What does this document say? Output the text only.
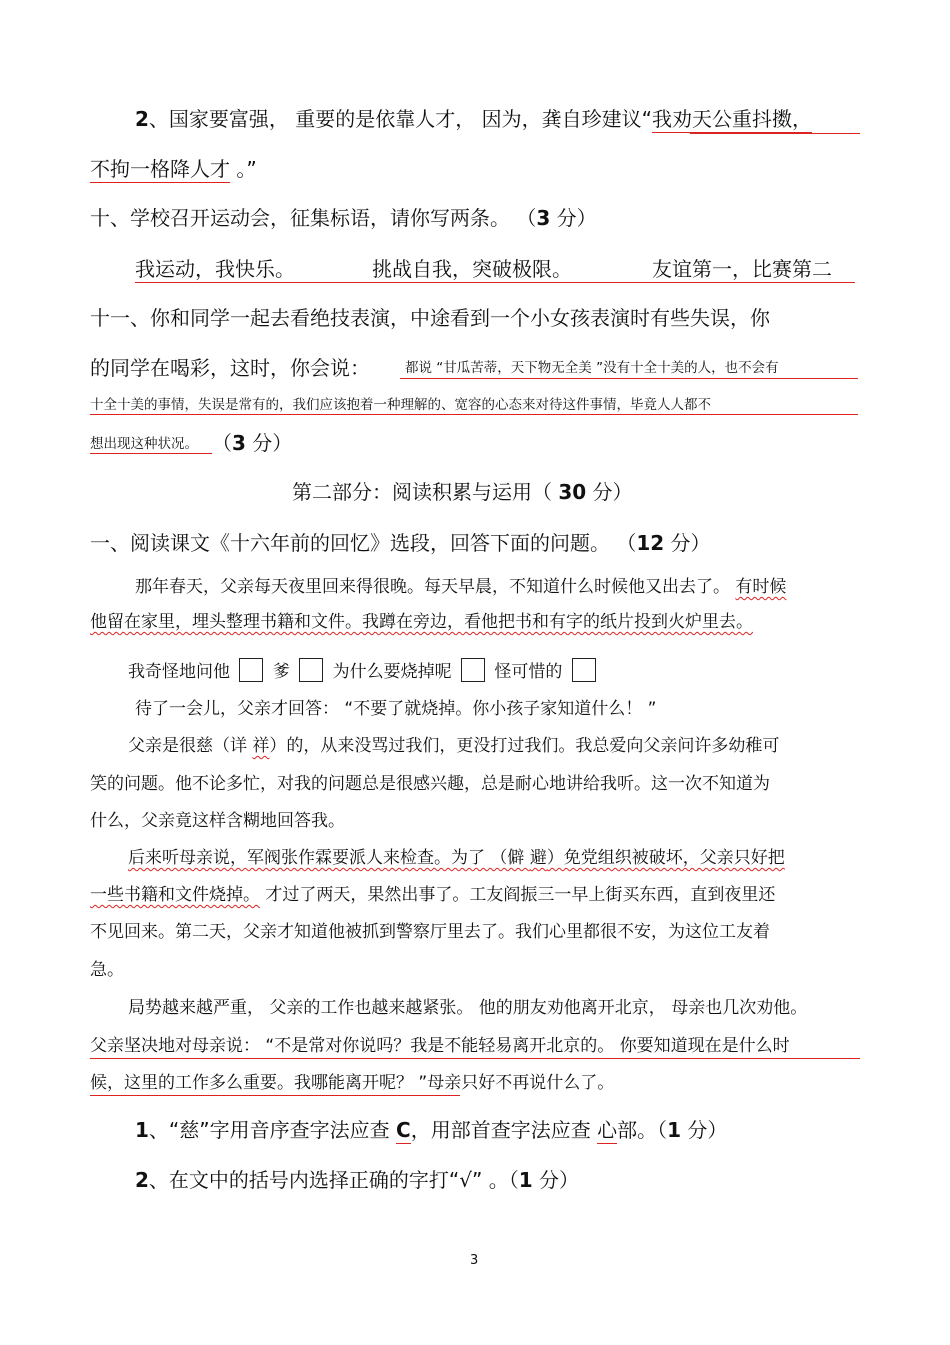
2、国家要富强， 重要的是依靠人才， 因为，龚自珍建议“我劝天公重抖擞，
不拘一格降人才 。”
十、学校召开运动会，征集标语，请你写两条。 （3 分）
我运动，我快乐。	挑战自我，突破极限。	友谊第一，比赛第二
十一、你和同学一起去看绝技表演，中途看到一个小女孩表演时有些失误，你
的同学在喝彩，这时，你会说：	都说 “甘瓜苦蒂，天下物无全美 ”没有十全十美的人，也不会有
十全十美的事情，失误是常有的，我们应该抱着一种理解的、宽容的心态来对待这件事情，毕竟人人都不
想出现这种状况。 （3 分）
第二部分：阅读积累与运用（ 30 分）
一、阅读课文《十六年前的回忆》选段，回答下面的问题。 （12 分）
那年春天，父亲每天夜里回来得很晚。每天早晨，不知道什么时候他又出去了。 有时候
他留在家里，埋头整理书籍和文件。我蹲在旁边，看他把书和有字的纸片投到火炉里去。
我奇怪地问他	爹	为什么要烧掉呢	怪可惜的
待了一会儿，父亲才回答： “不要了就烧掉。你小孩子家知道什么！ ”
父亲是很慈（详 祥）的，从来没骂过我们，更没打过我们。我总爱向父亲问许多幼稚可
笑的问题。他不论多忙，对我的问题总是很感兴趣，总是耐心地讲给我听。这一次不知道为
什么，父亲竟这样含糊地回答我。
后来听母亲说，军阀张作霖要派人来检查。为了 （僻 避）免党组织被破坏，父亲只好把
一些书籍和文件烧掉。 才过了两天，果然出事了。工友阎振三一早上街买东西，直到夜里还
不见回来。第二天，父亲才知道他被抓到警察厅里去了。我们心里都很不安，为这位工友着
急。
局势越来越严重， 父亲的工作也越来越紧张。 他的朋友劝他离开北京， 母亲也几次劝他。
父亲坚决地对母亲说： “不是常对你说吗？我是不能轻易离开北京的。 你要知道现在是什么时
候，这里的工作多么重要。我哪能离开呢？ ”母亲只好不再说什么了。
1、“慈”字用音序查字法应查 C，用部首查字法应查 心部。（1 分）
2、在文中的括号内选择正确的字打“√” 。（1 分）
3
